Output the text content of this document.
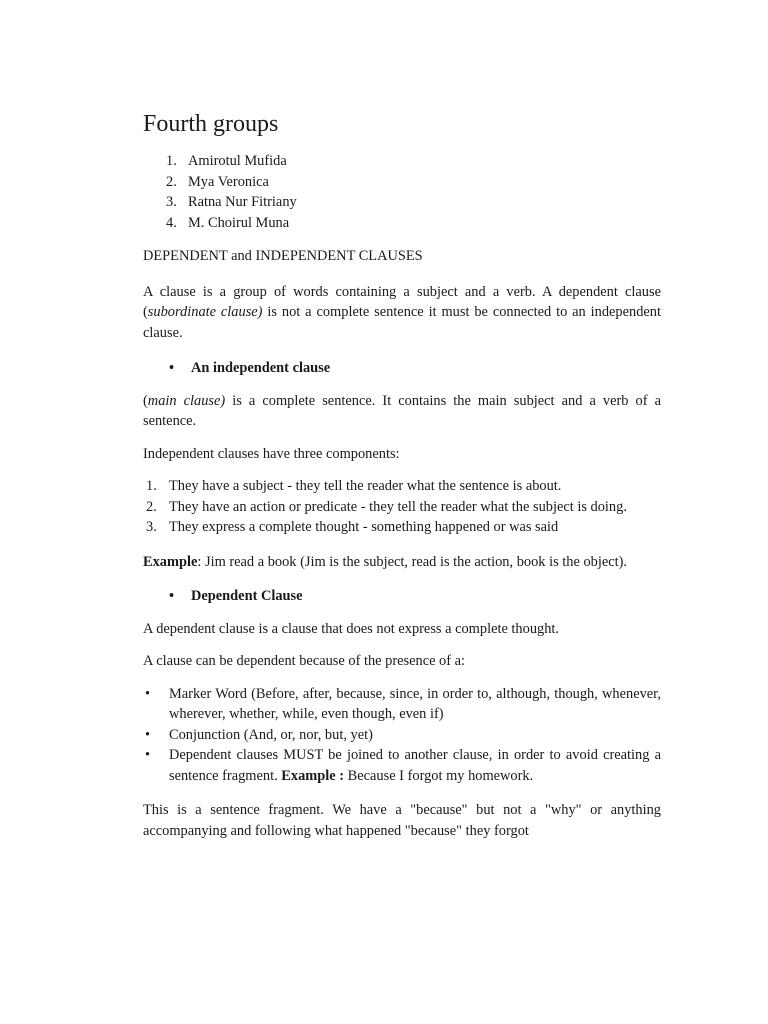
Fourth groups
1. Amirotul Mufida
2. Mya Veronica
3. Ratna Nur Fitriany
4. M. Choirul Muna
DEPENDENT and INDEPENDENT CLAUSES

A clause is a group of words containing a subject and a verb. A dependent clause (subordinate clause) is not a complete sentence it must be connected to an independent clause.

• An independent clause

(main clause) is a complete sentence. It contains the main subject and a verb of a sentence.

Independent clauses have three components:

1. They have a subject - they tell the reader what the sentence is about.
2. They have an action or predicate - they tell the reader what the subject is doing.
3. They express a complete thought - something happened or was said

Example: Jim read a book (Jim is the subject, read is the action, book is the object).

• Dependent Clause

A dependent clause is a clause that does not express a complete thought.

A clause can be dependent because of the presence of a:

• Marker Word (Before, after, because, since, in order to, although, though, whenever, wherever, whether, while, even though, even if)
• Conjunction (And, or, nor, but, yet)
• Dependent clauses MUST be joined to another clause, in order to avoid creating a sentence fragment. Example : Because I forgot my homework.

This is a sentence fragment. We have a "because" but not a "why" or anything accompanying and following what happened "because" they forgot
